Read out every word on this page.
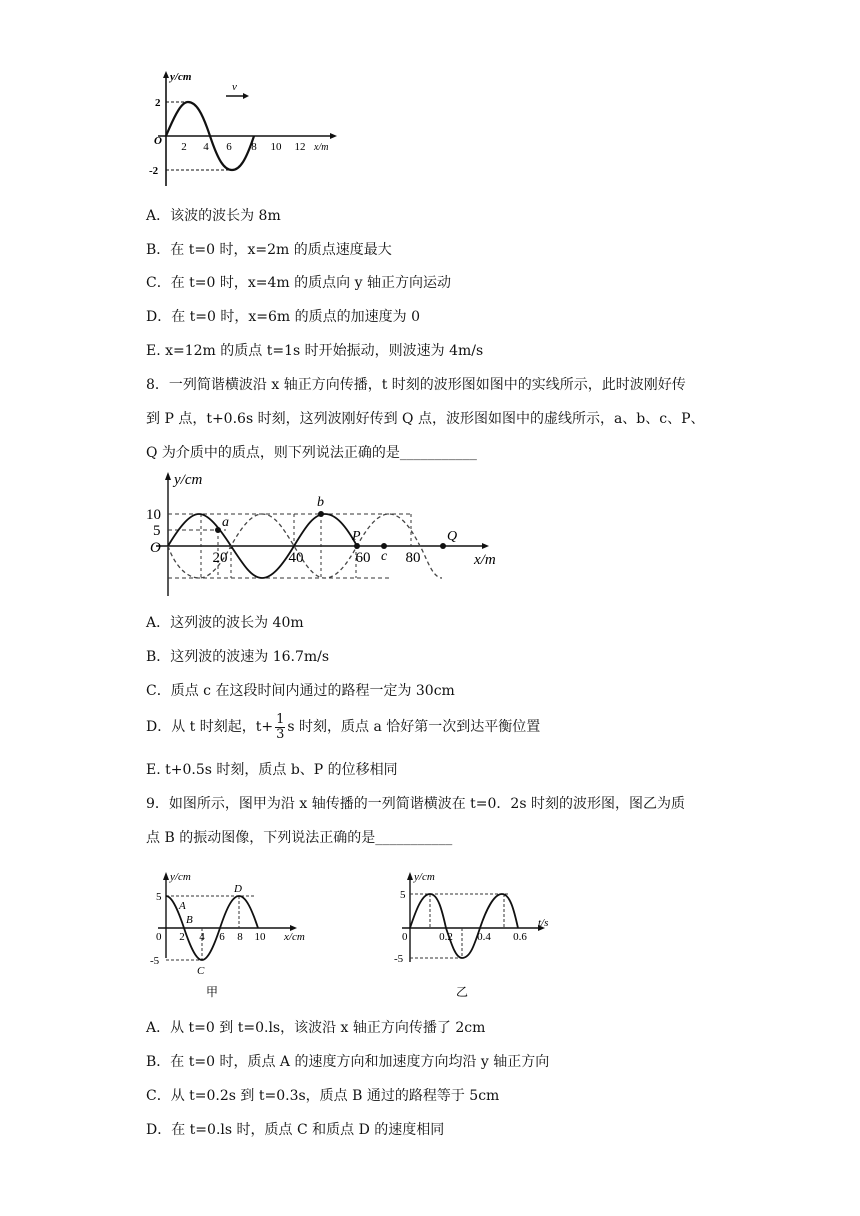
v
y/cm
x/m
2
-2
O 2 4 6 8 10 12
A．该波的波长为 8m
B．在 t=0 时，x=2m 的质点速度最大
C．在 t=0 时，x=4m 的质点向 y 轴正方向运动
D．在 t=0 时，x=6m 的质点的加速度为 0
E. x=12m 的质点 t=1s 时开始振动，则波速为 4m/s
8．一列简谐横波沿 x 轴正方向传播，t 时刻的波形图如图中的实线所示，此时波刚好传
到 P 点，t+0.6s 时刻，这列波刚好传到 Q 点，波形图如图中的虚线所示，a、b、c、P、
Q 为介质中的质点，则下列说法正确的是___________
a
b
P
c
Q
y/cm
x/m
O
10
5
20	40	60 80
A．这列波的波长为 40m
B．这列波的波速为 16.7m/s
C．质点 c 在这段时间内通过的路程一定为 30cm
D．从 t 时刻起，$t+ \frac{1}{3}$ s 时刻，质点 a 恰好第一次到达平衡位置
E. t+0.5s 时刻，质点 b、P 的位移相同
9．如图所示，图甲为沿 x 轴传播的一列简谐横波在 t=0．2s 时刻的波形图，图乙为质
点 B 的振动图像，下列说法正确的是___________
y/cm
x/cm
5
-5
0 2 4 6 8 10
A
B
C
D
甲
y/cm
t/s
5
-5
0	0.2 0.4 0.6
乙
A．从 t=0 到 t=0.ls，该波沿 x 轴正方向传播了 2cm
B．在 t=0 时，质点 A 的速度方向和加速度方向均沿 y 轴正方向
C．从 t=0.2s 到 t=0.3s，质点 B 通过的路程等于 5cm
D．在 t=0.ls 时，质点 C 和质点 D 的速度相同
